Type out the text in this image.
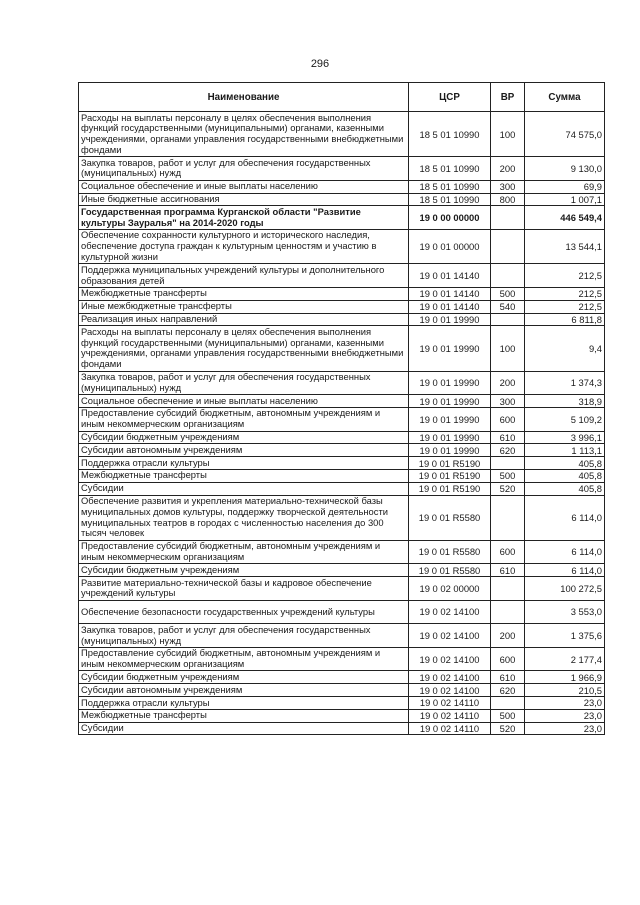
296
Наименование	ЦСР	ВР	Сумма
Расходы на выплаты персоналу в целях обеспечения выполнения функций государственными (муниципальными) органами, казенными учреждениями, органами управления государственными внебюджетными фондами	18 5 01 10990	100	74 575,0
Закупка товаров, работ и услуг для обеспечения государственных (муниципальных) нужд	18 5 01 10990	200	9 130,0
Социальное обеспечение и иные выплаты населению	18 5 01 10990	300	69,9
Иные бюджетные ассигнования	18 5 01 10990	800	1 007,1
Государственная программа Курганской области "Развитие культуры Зауралья" на 2014-2020 годы	19 0 00 00000		446 549,4
Обеспечение сохранности культурного и исторического наследия, обеспечение доступа граждан к культурным ценностям и участию в культурной жизни	19 0 01 00000		13 544,1
Поддержка муниципальных учреждений культуры и дополнительного образования детей	19 0 01 14140		212,5
Межбюджетные трансферты	19 0 01 14140	500	212,5
Иные межбюджетные трансферты	19 0 01 14140	540	212,5
Реализация иных направлений	19 0 01 19990		6 811,8
Расходы на выплаты персоналу в целях обеспечения выполнения функций государственными (муниципальными) органами, казенными учреждениями, органами управления государственными внебюджетными фондами	19 0 01 19990	100	9,4
Закупка товаров, работ и услуг для обеспечения государственных (муниципальных) нужд	19 0 01 19990	200	1 374,3
Социальное обеспечение и иные выплаты населению	19 0 01 19990	300	318,9
Предоставление субсидий бюджетным, автономным учреждениям и иным некоммерческим организациям	19 0 01 19990	600	5 109,2
Субсидии бюджетным учреждениям	19 0 01 19990	610	3 996,1
Субсидии автономным учреждениям	19 0 01 19990	620	1 113,1
Поддержка отрасли культуры	19 0 01 R5190		405,8
Межбюджетные трансферты	19 0 01 R5190	500	405,8
Субсидии	19 0 01 R5190	520	405,8
Обеспечение развития и укрепления материально-технической базы муниципальных домов культуры, поддержку творческой деятельности муниципальных театров в городах с численностью населения до 300 тысяч человек	19 0 01 R5580		6 114,0
Предоставление субсидий бюджетным, автономным учреждениям и иным некоммерческим организациям	19 0 01 R5580	600	6 114,0
Субсидии бюджетным учреждениям	19 0 01 R5580	610	6 114,0
Развитие материально-технической базы и кадровое обеспечение учреждений культуры	19 0 02 00000		100 272,5
Обеспечение безопасности государственных учреждений культуры	19 0 02 14100		3 553,0
Закупка товаров, работ и услуг для обеспечения государственных (муниципальных) нужд	19 0 02 14100	200	1 375,6
Предоставление субсидий бюджетным, автономным учреждениям и иным некоммерческим организациям	19 0 02 14100	600	2 177,4
Субсидии бюджетным учреждениям	19 0 02 14100	610	1 966,9
Субсидии автономным учреждениям	19 0 02 14100	620	210,5
Поддержка отрасли культуры	19 0 02 14110		23,0
Межбюджетные трансферты	19 0 02 14110	500	23,0
Субсидии	19 0 02 14110	520	23,0
